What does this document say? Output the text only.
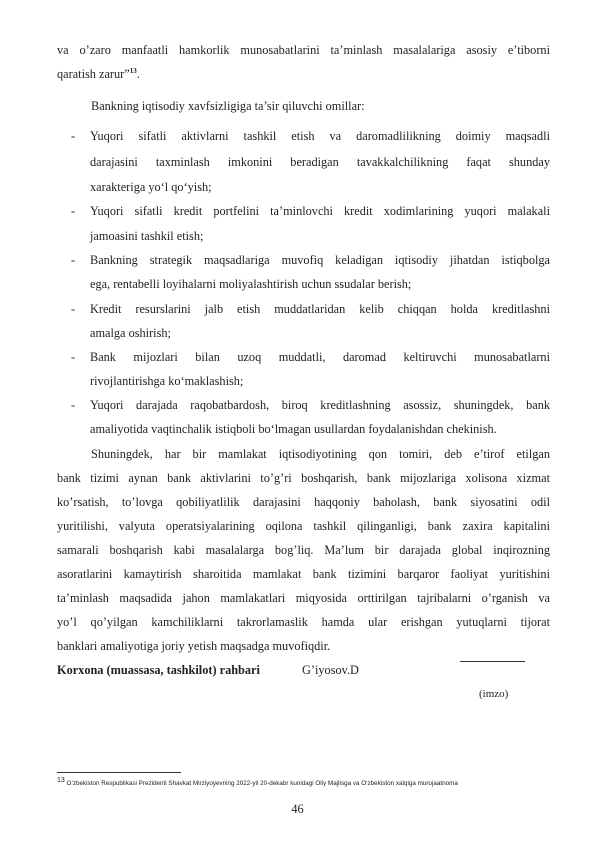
va o’zaro manfaatli hamkorlik munosabatlarini ta’minlash masalalariga asosiy e’tiborni
qaratish zarur”$^{13}$.
Bankning iqtisodiy xavfsizligiga ta’sir qiluvchi omillar:
- Yuqori sifatli aktivlarni tashkil etish va daromadlilikning doimiy maqsadli
darajasini taxminlash imkonini beradigan tavakkalchilikning faqat shunday
xarakteriga yo‘l qo‘yish;
- Yuqori sifatli kredit portfelini ta’minlovchi kredit xodimlarining yuqori malakali
jamoasini tashkil etish;
- Bankning strategik maqsadlariga muvofiq keladigan iqtisodiy jihatdan istiqbolga
ega, rentabelli loyihalarni moliyalashtirish uchun ssudalar berish;
- Kredit resurslarini jalb etish muddatlaridan kelib chiqqan holda kreditlashni
amalga oshirish;
- Bank mijozlari bilan uzoq muddatli, daromad keltiruvchi munosabatlarni
rivojlantirishga ko‘maklashish;
- Yuqori darajada raqobatbardosh, biroq kreditlashning asossiz, shuningdek, bank
amaliyotida vaqtinchalik istiqboli bo‘lmagan usullardan foydalanishdan chekinish.
Shuningdek, har bir mamlakat iqtisodiyotining qon tomiri, deb e’tirof etilgan
bank tizimi aynan bank aktivlarini to’g’ri boshqarish, bank mijozlariga xolisona xizmat
ko’rsatish, to’lovga qobiliyatlilik darajasini haqqoniy baholash, bank siyosatini odil
yuritilishi, valyuta operatsiyalarining oqilona tashkil qilinganligi, bank zaxira kapitalini
samarali boshqarish kabi masalalarga bog’liq. Ma’lum bir darajada global inqirozning
asoratlarini kamaytirish sharoitida mamlakat bank tizimini barqaror faoliyat yuritishini
ta’minlash maqsadida jahon mamlakatlari miqyosida orttirilgan tajribalarni o’rganish va
yo’l qo’yilgan kamchiliklarni takrorlamaslik hamda ular erishgan yutuqlarni tijorat
banklari amaliyotiga joriy yetish maqsadga muvofiqdir.
Korxona (muassasa, tashkilot) rahbari	G’iyosov.D
(imzo)
$^{13}$ O‘zbekiston Respublikasi Prezidenti Shavkat Mirziyoyevning 2022-yil 20-dekabr kunidagi Oliy Majlisga va O‘zbekiston xalqiga murojaatnoma
46
